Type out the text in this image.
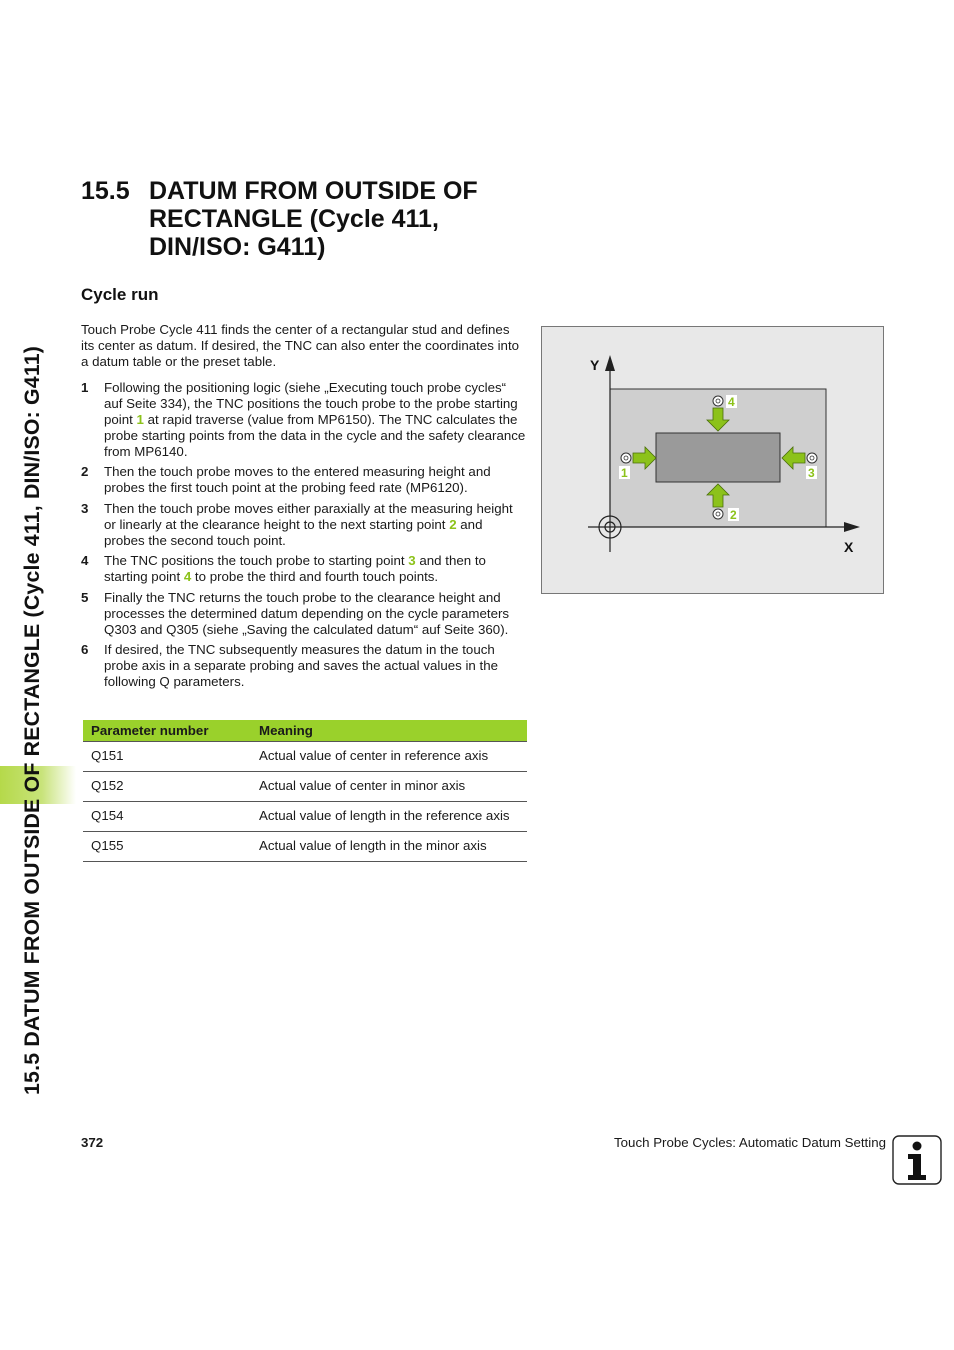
15.5 DATUM FROM OUTSIDE OF RECTANGLE (Cycle 411, DIN/ISO: G411)
15.5 DATUM FROM OUTSIDE OF RECTANGLE (Cycle 411, DIN/ISO: G411)
Cycle run
Touch Probe Cycle 411 finds the center of a rectangular stud and defines its center as datum. If desired, the TNC can also enter the coordinates into a datum table or the preset table.
1 Following the positioning logic (siehe „Executing touch probe cycles“ auf Seite 334), the TNC positions the touch probe to the probe starting point 1 at rapid traverse (value from MP6150). The TNC calculates the probe starting points from the data in the cycle and the safety clearance from MP6140.
2 Then the touch probe moves to the entered measuring height and probes the first touch point at the probing feed rate (MP6120).
3 Then the touch probe moves either paraxially at the measuring height or linearly at the clearance height to the next starting point 2 and probes the second touch point.
4 The TNC positions the touch probe to starting point 3 and then to starting point 4 to probe the third and fourth touch points.
5 Finally the TNC returns the touch probe to the clearance height and processes the determined datum depending on the cycle parameters Q303 and Q305 (siehe „Saving the calculated datum“ auf Seite 360).
6 If desired, the TNC subsequently measures the datum in the touch probe axis in a separate probing and saves the actual values in the following Q parameters.
Parameter number	Meaning
Q151	Actual value of center in reference axis
Q152	Actual value of center in minor axis
Q154	Actual value of length in the reference axis
Q155	Actual value of length in the minor axis
Y
X
1
2
3
4
372	Touch Probe Cycles: Automatic Datum Setting
